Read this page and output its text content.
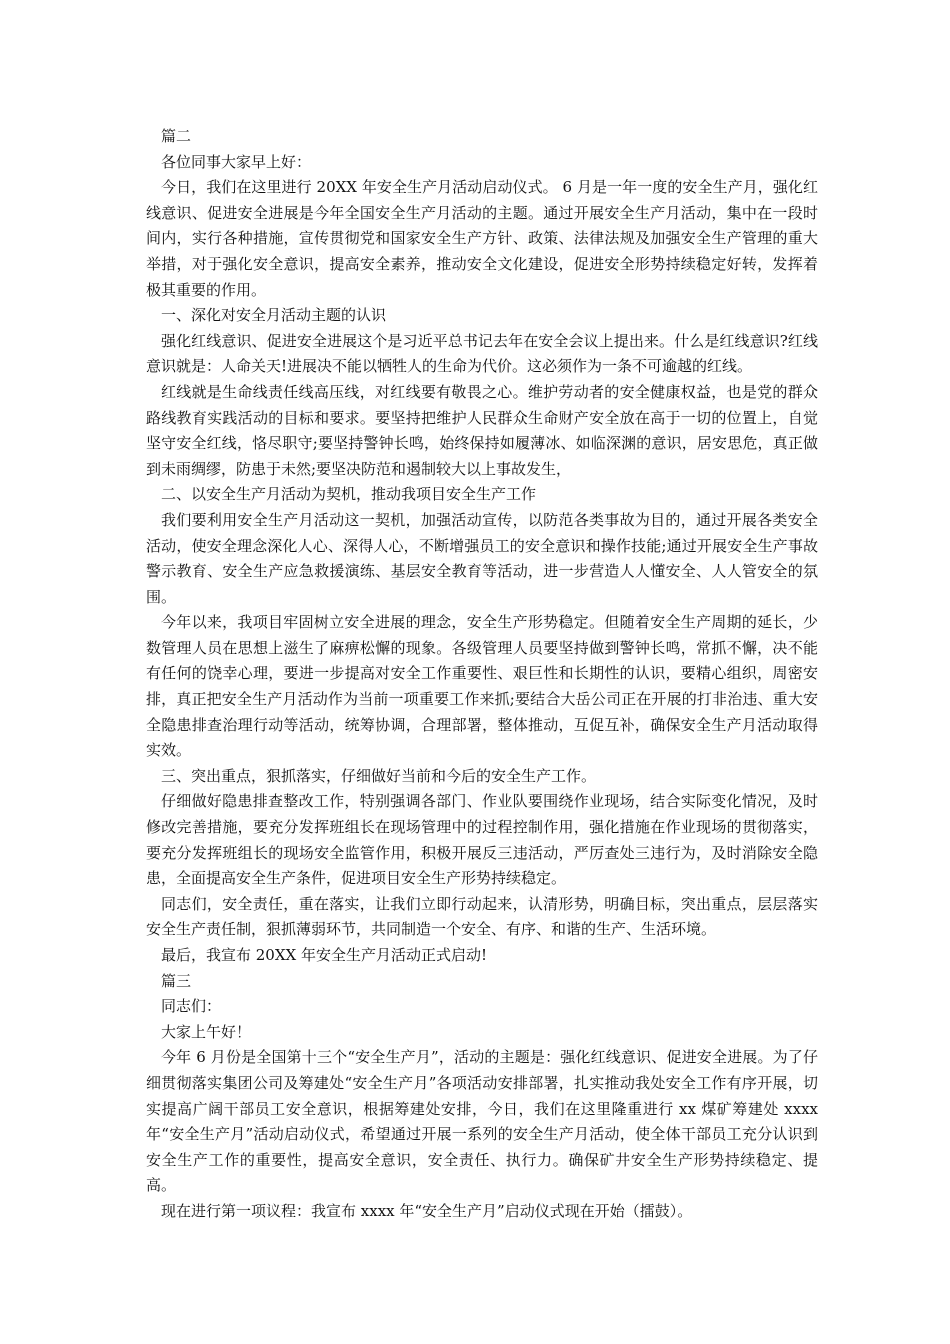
篇二

各位同事大家早上好：

今日，我们在这里进行 20XX 年安全生产月活动启动仪式。 6 月是一年一度的安全生产月，强化红线意识、促进安全进展是今年全国安全生产月活动的主题。通过开展安全生产月活动，集中在一段时间内，实行各种措施，宣传贯彻党和国家安全生产方针、政策、法律法规及加强安全生产管理的重大举措，对于强化安全意识，提高安全素养，推动安全文化建设，促进安全形势持续稳定好转，发挥着极其重要的作用。

一、深化对安全月活动主题的认识

强化红线意识、促进安全进展这个是习近平总书记去年在安全会议上提出来。什么是红线意识?红线意识就是：人命关天!进展决不能以牺牲人的生命为代价。这必须作为一条不可逾越的红线。

红线就是生命线责任线高压线，对红线要有敬畏之心。维护劳动者的安全健康权益，也是党的群众路线教育实践活动的目标和要求。要坚持把维护人民群众生命财产安全放在高于一切的位置上，自觉坚守安全红线，恪尽职守;要坚持警钟长鸣，始终保持如履薄冰、如临深渊的意识，居安思危，真正做到未雨绸缪，防患于未然;要坚决防范和遏制较大以上事故发生，

二、以安全生产月活动为契机，推动我项目安全生产工作

我们要利用安全生产月活动这一契机，加强活动宣传，以防范各类事故为目的，通过开展各类安全活动，使安全理念深化人心、深得人心，不断增强员工的安全意识和操作技能;通过开展安全生产事故警示教育、安全生产应急救援演练、基层安全教育等活动，进一步营造人人懂安全、人人管安全的氛围。

今年以来，我项目牢固树立安全进展的理念，安全生产形势稳定。但随着安全生产周期的延长，少数管理人员在思想上滋生了麻痹松懈的现象。各级管理人员要坚持做到警钟长鸣，常抓不懈，决不能有任何的饶幸心理，要进一步提高对安全工作重要性、艰巨性和长期性的认识，要精心组织，周密安排，真正把安全生产月活动作为当前一项重要工作来抓;要结合大岳公司正在开展的打非治违、重大安全隐患排查治理行动等活动，统筹协调，合理部署，整体推动，互促互补，确保安全生产月活动取得实效。

三、突出重点，狠抓落实，仔细做好当前和今后的安全生产工作。

仔细做好隐患排查整改工作，特别强调各部门、作业队要围绕作业现场，结合实际变化情况，及时修改完善措施，要充分发挥班组长在现场管理中的过程控制作用，强化措施在作业现场的贯彻落实，要充分发挥班组长的现场安全监管作用，积极开展反三违活动，严厉查处三违行为，及时消除安全隐患，全面提高安全生产条件，促进项目安全生产形势持续稳定。

同志们，安全责任，重在落实，让我们立即行动起来，认清形势，明确目标，突出重点，层层落实安全生产责任制，狠抓薄弱环节，共同制造一个安全、有序、和谐的生产、生活环境。

最后，我宣布 20XX 年安全生产月活动正式启动!

篇三

同志们：

大家上午好！

今年 6 月份是全国第十三个“安全生产月”，活动的主题是：强化红线意识、促进安全进展。为了仔细贯彻落实集团公司及筹建处“安全生产月”各项活动安排部署，扎实推动我处安全工作有序开展，切实提高广阔干部员工安全意识，根据筹建处安排，今日，我们在这里隆重进行 xx 煤矿筹建处 xxxx 年“安全生产月”活动启动仪式，希望通过开展一系列的安全生产月活动，使全体干部员工充分认识到安全生产工作的重要性，提高安全意识，安全责任、执行力。确保矿井安全生产形势持续稳定、提高。

现在进行第一项议程：我宣布 xxxx 年“安全生产月”启动仪式现在开始（擂鼓）。
